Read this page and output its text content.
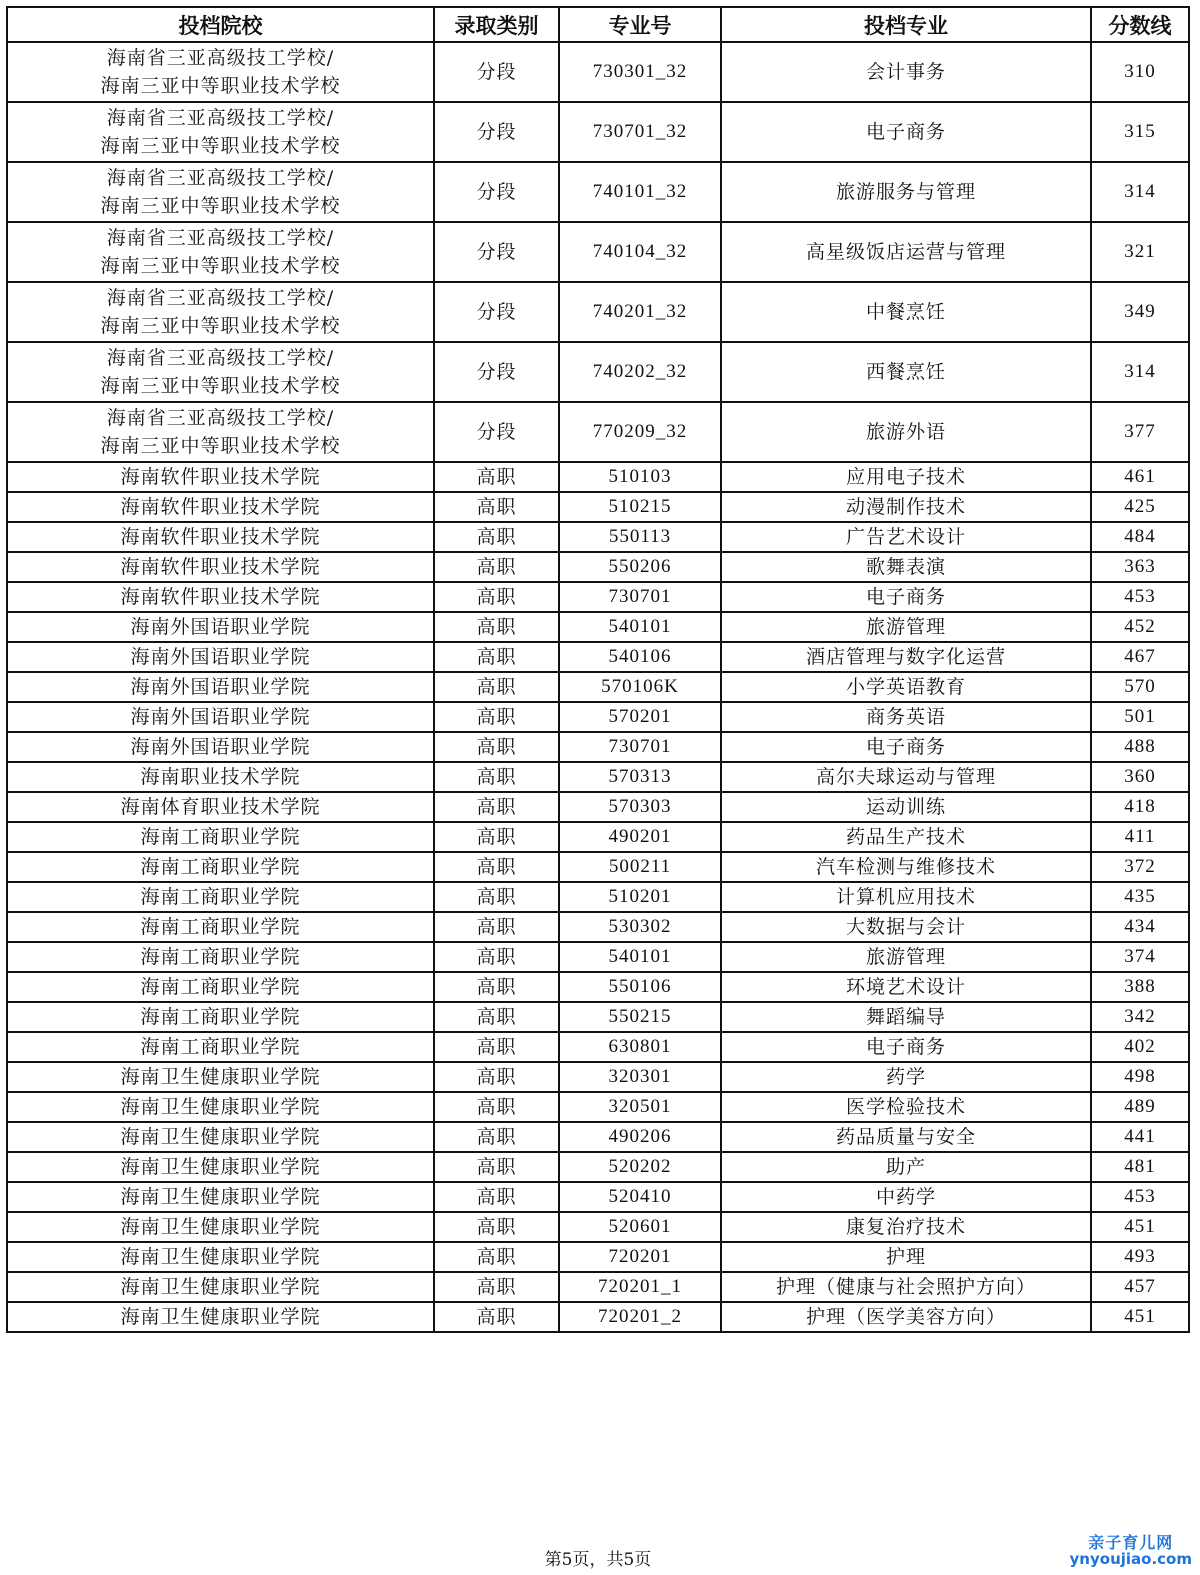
投档院校	录取类别	专业号	投档专业	分数线

海南省三亚高级技工学校/
海南三亚中等职业技术学校	分段	730301_32	会计事务	310

海南省三亚高级技工学校/
海南三亚中等职业技术学校	分段	730701_32	电子商务	315

海南省三亚高级技工学校/
海南三亚中等职业技术学校	分段	740101_32	旅游服务与管理	314

海南省三亚高级技工学校/
海南三亚中等职业技术学校	分段	740104_32	高星级饭店运营与管理	321

海南省三亚高级技工学校/
海南三亚中等职业技术学校	分段	740201_32	中餐烹饪	349

海南省三亚高级技工学校/
海南三亚中等职业技术学校	分段	740202_32	西餐烹饪	314

海南省三亚高级技工学校/
海南三亚中等职业技术学校	分段	770209_32	旅游外语	377

海南软件职业技术学院	高职	510103	应用电子技术	461

海南软件职业技术学院	高职	510215	动漫制作技术	425

海南软件职业技术学院	高职	550113	广告艺术设计	484

海南软件职业技术学院	高职	550206	歌舞表演	363

海南软件职业技术学院	高职	730701	电子商务	453

海南外国语职业学院	高职	540101	旅游管理	452

海南外国语职业学院	高职	540106	酒店管理与数字化运营	467

海南外国语职业学院	高职	570106K	小学英语教育	570

海南外国语职业学院	高职	570201	商务英语	501

海南外国语职业学院	高职	730701	电子商务	488

海南职业技术学院	高职	570313	高尔夫球运动与管理	360

海南体育职业技术学院	高职	570303	运动训练	418

海南工商职业学院	高职	490201	药品生产技术	411

海南工商职业学院	高职	500211	汽车检测与维修技术	372

海南工商职业学院	高职	510201	计算机应用技术	435

海南工商职业学院	高职	530302	大数据与会计	434

海南工商职业学院	高职	540101	旅游管理	374

海南工商职业学院	高职	550106	环境艺术设计	388

海南工商职业学院	高职	550215	舞蹈编导	342

海南工商职业学院	高职	630801	电子商务	402

海南卫生健康职业学院	高职	320301	药学	498

海南卫生健康职业学院	高职	320501	医学检验技术	489

海南卫生健康职业学院	高职	490206	药品质量与安全	441

海南卫生健康职业学院	高职	520202	助产	481

海南卫生健康职业学院	高职	520410	中药学	453

海南卫生健康职业学院	高职	520601	康复治疗技术	451

海南卫生健康职业学院	高职	720201	护理	493

海南卫生健康职业学院	高职	720201_1	护理（健康与社会照护方向）	457

海南卫生健康职业学院	高职	720201_2	护理（医学美容方向）	451
第5页，共5页
亲子育儿网
ynyoujiao.com
